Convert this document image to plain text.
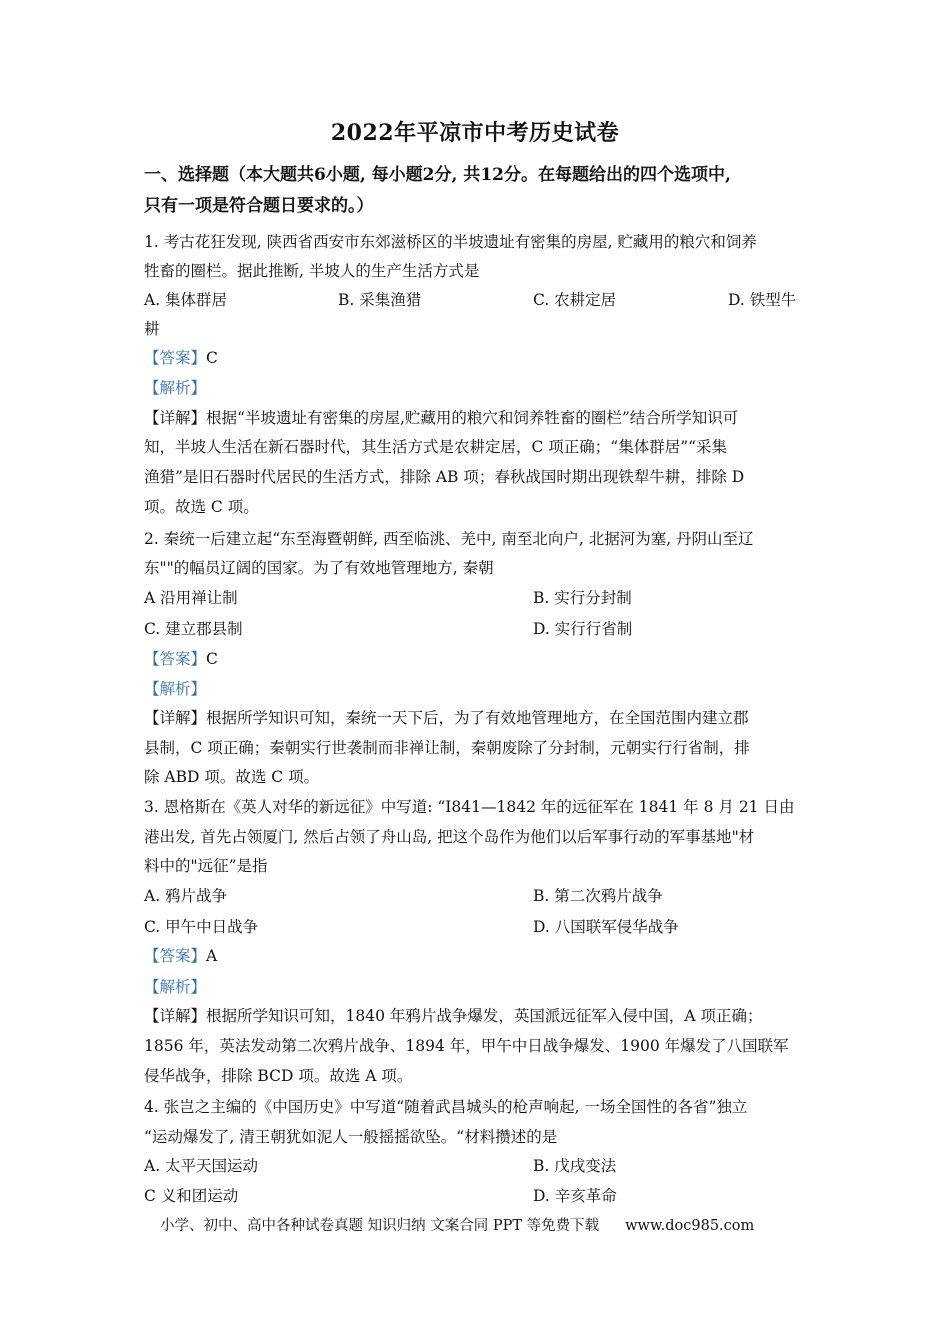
2022年平凉市中考历史试卷
一、选择题（本大题共6小题, 每小题2分, 共12分。在每题给出的四个选项中,
只有一项是符合题日要求的。）
1. 考古花狂发现, 陕西省西安市东郊滋桥区的半坡遗址有密集的房屋, 贮藏用的粮穴和饲养
牲畜的圈栏。据此推断, 半坡人的生产生活方式是
A. 集体群居	B. 采集渔猎	C. 农耕定居	D. 铁型牛
耕
【答案】C
【解析】
【详解】根据“半坡遗址有密集的房屋,贮藏用的粮穴和饲养牲畜的圈栏”结合所学知识可
知，半坡人生活在新石器时代，其生活方式是农耕定居，C 项正确；“集体群居”“采集
渔猎”是旧石器时代居民的生活方式，排除 AB 项；春秋战国时期出现铁犁牛耕，排除 D
项。故选 C 项。
2. 秦统一后建立起“东至海暨朝鲜, 西至临洮、羌中, 南至北向户, 北据河为塞, 丹阴山至辽
东""的幅员辽阔的国家。为了有效地管理地方, 秦朝
A 沿用禅让制	B. 实行分封制
C. 建立郡县制	D. 实行行省制
【答案】C
【解析】
【详解】根据所学知识可知，秦统一天下后，为了有效地管理地方，在全国范围内建立郡
县制，C 项正确；秦朝实行世袭制而非禅让制，秦朝废除了分封制，元朝实行行省制，排
除 ABD 项。故选 C 项。
3. 恩格斯在《英人对华的新远征》中写道: “I841—1842 年的远征军在 1841 年 8 月 21 日由
港出发, 首先占领厦门, 然后占领了舟山岛, 把这个岛作为他们以后军事行动的军事基地"材
料中的"远征”是指
A. 鸦片战争	B. 第二次鸦片战争
C. 甲午中日战争	D. 八国联军侵华战争
【答案】A
【解析】
【详解】根据所学知识可知，1840 年鸦片战争爆发，英国派远征军入侵中国，A 项正确；
1856 年，英法发动第二次鸦片战争、1894 年，甲午中日战争爆发、1900 年爆发了八国联军
侵华战争，排除 BCD 项。故选 A 项。
4. 张岂之主编的《中国历史》中写道“随着武昌城头的枪声响起, 一场全国性的各省”独立
“运动爆发了, 清王朝犹如泥人一般摇摇欲坠。“材料攒述的是
A. 太平天国运动	B. 戊戌变法
C 义和团运动	D. 辛亥革命
小学、初中、高中各种试卷真题 知识归纳 文案合同 PPT 等免费下载 www.doc985.com
